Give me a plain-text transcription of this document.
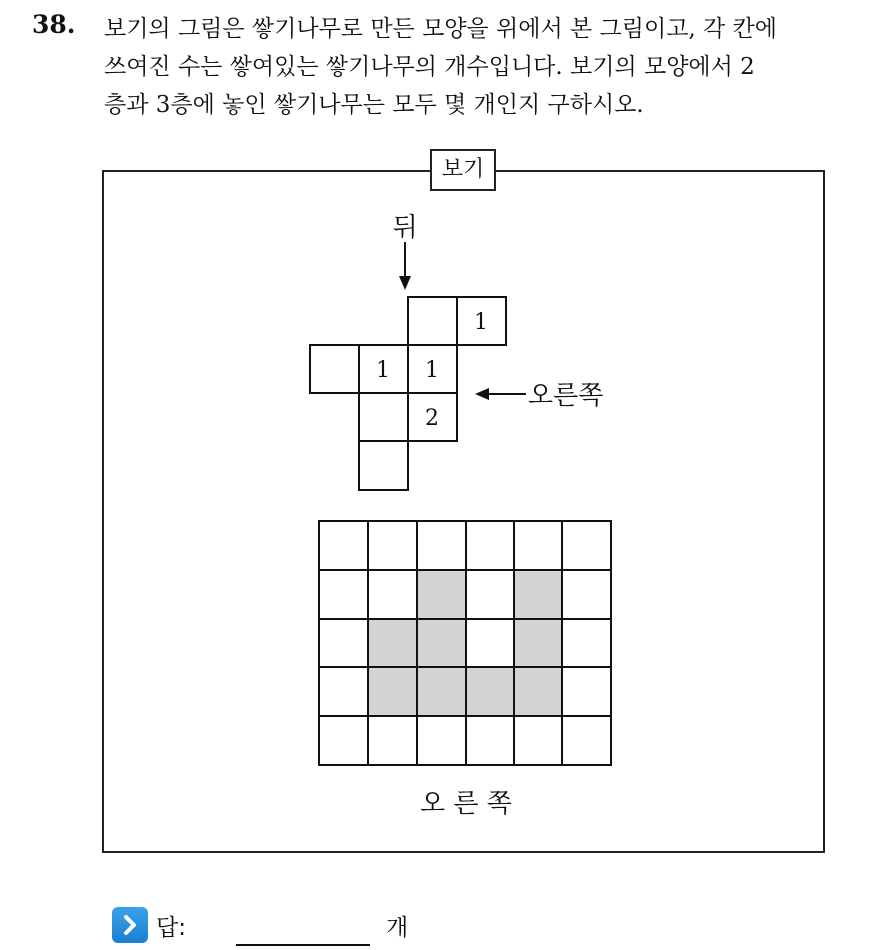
38. 보기의 그림은 쌓기나무로 만든 모양을 위에서 본 그림이고, 각 칸에
쓰여진 수는 쌓여있는 쌓기나무의 개수입니다. 보기의 모양에서 2
층과 3층에 놓인 쌓기나무는 모두 몇 개인지 구하시오.
보기
뒤
1
1 1
2
오른쪽
오 른 쪽
답:	개
